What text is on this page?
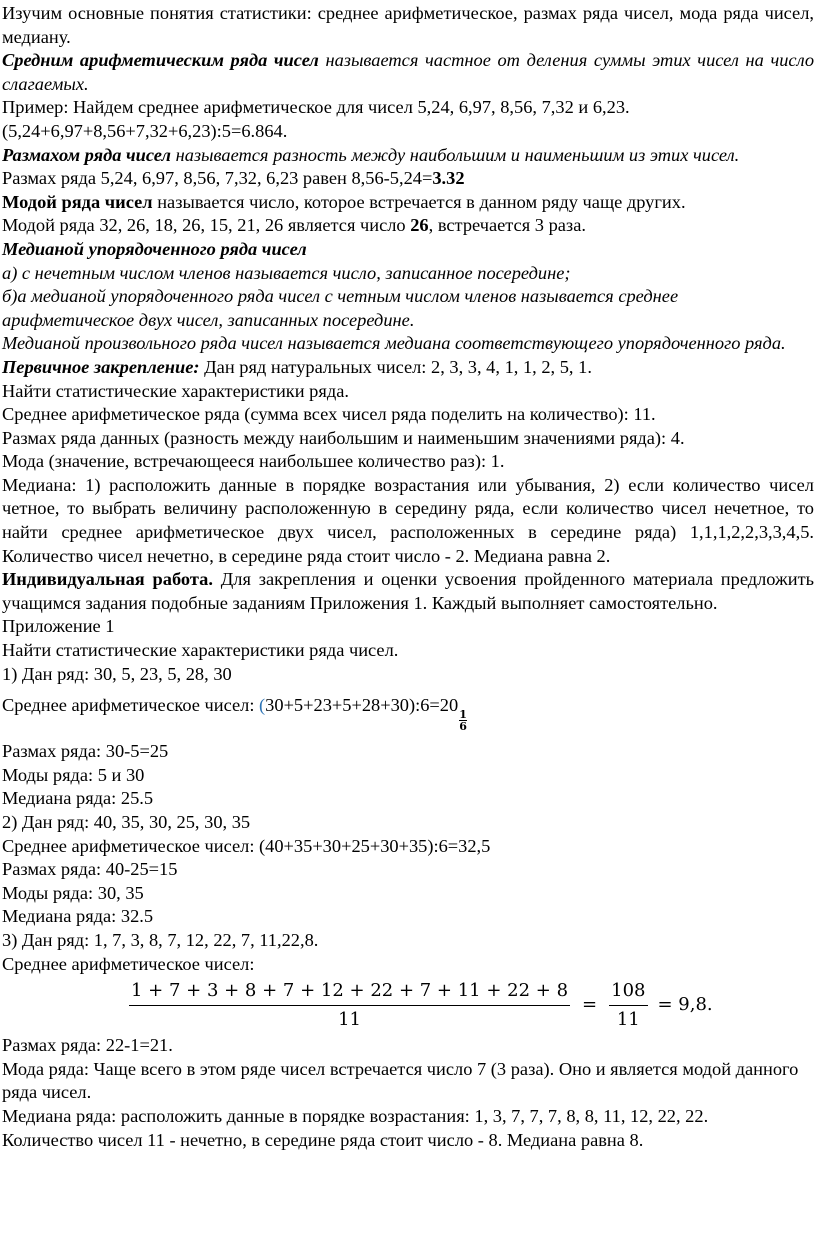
Изучим основные понятия статистики: среднее арифметическое, размах ряда чисел, мода ряда чисел, медиану.

Средним арифметическим ряда чисел называется частное от деления суммы этих чисел на число слагаемых.

Пример: Найдем среднее арифметическое для чисел 5,24, 6,97, 8,56, 7,32 и 6,23.

(5,24+6,97+8,56+7,32+6,23):5=6.864.

Размахом ряда чисел называется разность между наибольшим и наименьшим из этих чисел.

Размах ряда 5,24, 6,97, 8,56, 7,32, 6,23 равен 8,56-5,24=3.32

Модой ряда чисел называется число, которое встречается в данном ряду чаще других.

Модой ряда 32, 26, 18, 26, 15, 21, 26 является число 26, встречается 3 раза.

Медианой упорядоченного ряда чисел

а) с нечетным числом членов называется число, записанное посередине;

б)а медианой упорядоченного ряда чисел с четным числом членов называется среднее арифметическое двух чисел, записанных посередине.

Медианой произвольного ряда чисел называется медиана соответствующего упорядоченного ряда.

Первичное закрепление: Дан ряд натуральных чисел: 2, 3, 3, 4, 1, 1, 2, 5, 1.

Найти статистические характеристики ряда.

Среднее арифметическое ряда (сумма всех чисел ряда поделить на количество): 11.

Размах ряда данных (разность между наибольшим и наименьшим значениями ряда): 4.

Мода (значение, встречающееся наибольшее количество раз): 1.

Медиана: 1) расположить данные в порядке возрастания или убывания, 2) если количество чисел четное, то выбрать величину расположенную в середину ряда, если количество чисел нечетное, то найти среднее арифметическое двух чисел, расположенных в середине ряда) 1,1,1,2,2,3,3,4,5. Количество чисел нечетно, в середине ряда стоит число - 2. Медиана равна 2.

Индивидуальная работа. Для закрепления и оценки усвоения пройденного материала предложить учащимся задания подобные заданиям Приложения 1. Каждый выполняет самостоятельно.

Приложение 1

Найти статистические характеристики ряда чисел.

1) Дан ряд: 30, 5, 23, 5, 28, 30

Среднее арифметическое чисел: (30+5+23+5+28+30):6=20
$\frac{1}{6}$

Размах ряда: 30-5=25

Моды ряда: 5 и 30

Медиана ряда: 25.5

2) Дан ряд: 40, 35, 30, 25, 30, 35

Среднее арифметическое чисел: (40+35+30+25+30+35):6=32,5

Размах ряда: 40-25=15

Моды ряда: 30, 35

Медиана ряда: 32.5

3) Дан ряд: 1, 7, 3, 8, 7, 12, 22, 7, 11,22,8.

Среднее арифметическое чисел:

$\frac{1 + 7 + 3 + 8 + 7 + 12 + 22 + 7 + 11 + 22 + 8}{11} = \frac{108}{11} = 9,8$.

Размах ряда: 22-1=21.

Мода ряда: Чаще всего в этом ряде чисел встречается число 7 (3 раза). Оно и является модой данного ряда чисел.

Медиана ряда: расположить данные в порядке возрастания: 1, 3, 7, 7, 7, 8, 8, 11, 12, 22, 22.

Количество чисел 11 - нечетно, в середине ряда стоит число - 8. Медиана равна 8.
